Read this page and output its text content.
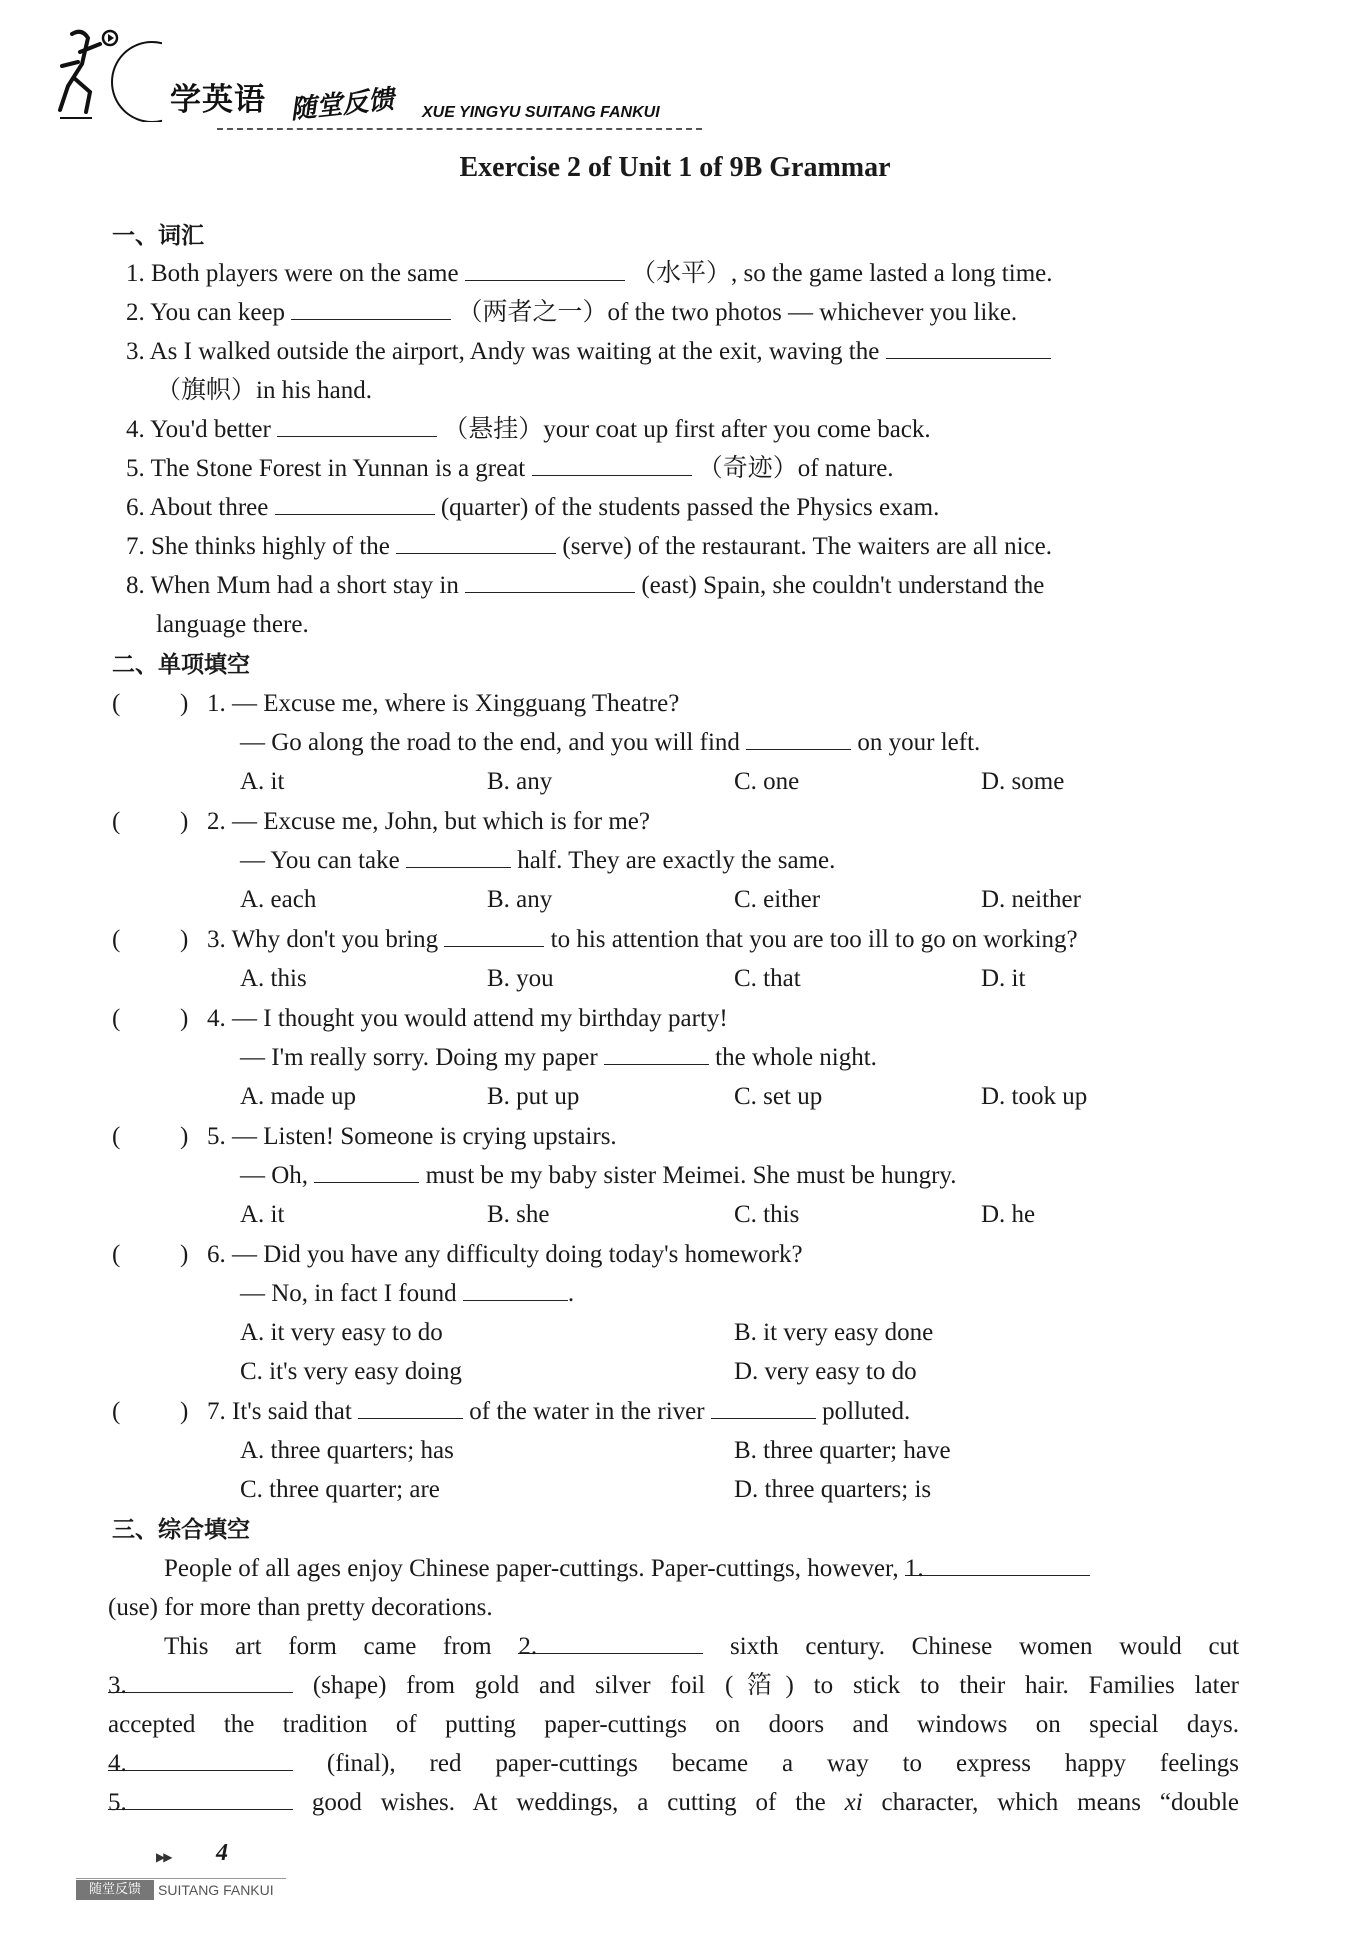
学英语 随堂反馈 XUE YINGYU SUITANG FANKUI
Exercise 2 of Unit 1 of 9B Grammar
一、词汇
1. Both players were on the same	（水平）, so the game lasted a long time.
2. You can keep	（两者之一）of the two photos — whichever you like.
3. As I walked outside the airport, Andy was waiting at the exit, waving the
（旗帜）in his hand.
4. You'd better	（悬挂）your coat up first after you come back.
5. The Stone Forest in Yunnan is a great	（奇迹）of nature.
6. About three	(quarter) of the students passed the Physics exam.
7. She thinks highly of the	(serve) of the restaurant. The waiters are all nice.
8. When Mum had a short stay in	(east) Spain, she couldn't understand the
language there.
二、单项填空
( ) 1. — Excuse me, where is Xingguang Theatre?
— Go along the road to the end, and you will find	on your left.
A. it	B. any	C. one	D. some
( ) 2. — Excuse me, John, but which is for me?
— You can take	half. They are exactly the same.
A. each	B. any	C. either	D. neither
( ) 3. Why don't you bring	to his attention that you are too ill to go on working?
A. this	B. you	C. that	D. it
( ) 4. — I thought you would attend my birthday party!
— I'm really sorry. Doing my paper	the whole night.
A. made up	B. put up	C. set up	D. took up
( ) 5. — Listen! Someone is crying upstairs.
— Oh,	must be my baby sister Meimei. She must be hungry.
A. it	B. she	C. this	D. he
( ) 6. — Did you have any difficulty doing today's homework?
— No, in fact I found	.
A. it very easy to do	B. it very easy done
C. it's very easy doing	D. very easy to do
( ) 7. It's said that	of the water in the river	polluted.
A. three quarters; has	B. three quarter; have
C. three quarter; are	D. three quarters; is
三、综合填空
People of all ages enjoy Chinese paper-cuttings. Paper-cuttings, however, 1.
(use) for more than pretty decorations.
This art form came from 2.	sixth century. Chinese women would cut
3.	(shape) from gold and silver foil (箔) to stick to their hair. Families later
accepted the tradition of putting paper-cuttings on doors and windows on special days.
4.	(final), red paper-cuttings became a way to express happy feelings
5.	good wishes. At weddings, a cutting of the xi character, which means “double
▶▶ 4
随堂反馈	SUITANG FANKUI
